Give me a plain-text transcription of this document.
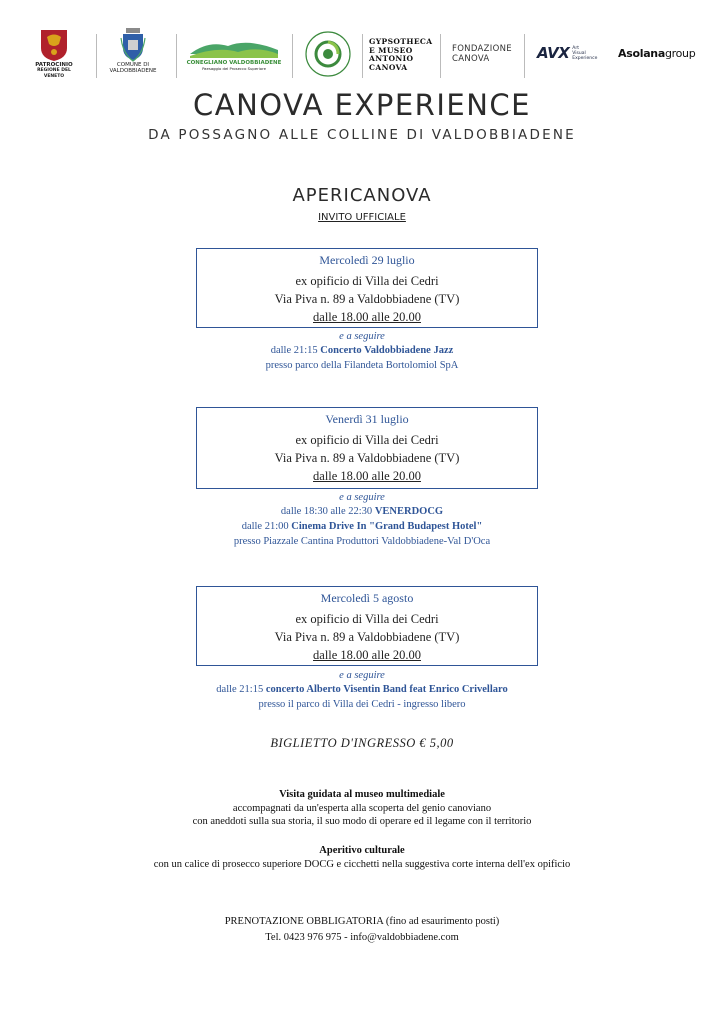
PATROCINIO
REGIONE DEL VENETO
COMUNE DI
VALDOBBIADENE
CONEGLIANO VALDOBBIADENE
Paesaggio del Prosecco Superiore
GYPSOTHECA
E MUSEO
ANTONIO
CANOVA
FONDAZIONE
CANOVA	AVX Art
Visual
Experience Asolanagroup
CANOVA EXPERIENCE
DA POSSAGNO ALLE COLLINE DI VALDOBBIADENE
APERICANOVA
INVITO UFFICIALE
Mercoledì 29 luglio
ex opificio di Villa dei Cedri
Via Piva n. 89 a Valdobbiadene (TV)
dalle 18.00 alle 20.00
e a seguire
dalle 21:15 Concerto Valdobbiadene Jazz
presso parco della Filandeta Bortolomiol SpA
Venerdì 31 luglio
ex opificio di Villa dei Cedri
Via Piva n. 89 a Valdobbiadene (TV)
dalle 18.00 alle 20.00
e a seguire
dalle 18:30 alle 22:30 VENERDOCG
dalle 21:00 Cinema Drive In "Grand Budapest Hotel"
presso Piazzale Cantina Produttori Valdobbiadene-Val D'Oca
Mercoledì 5 agosto
ex opificio di Villa dei Cedri
Via Piva n. 89 a Valdobbiadene (TV)
dalle 18.00 alle 20.00
e a seguire
dalle 21:15 concerto Alberto Visentin Band feat Enrico Crivellaro
presso il parco di Villa dei Cedri - ingresso libero
BIGLIETTO D'INGRESSO € 5,00
Visita guidata al museo multimediale
accompagnati da un'esperta alla scoperta del genio canoviano
con aneddoti sulla sua storia, il suo modo di operare ed il legame con il territorio
Aperitivo culturale
con un calice di prosecco superiore DOCG e cicchetti nella suggestiva corte interna dell'ex opificio
PRENOTAZIONE OBBLIGATORIA (fino ad esaurimento posti)
Tel. 0423 976 975 - info@valdobbiadene.com
